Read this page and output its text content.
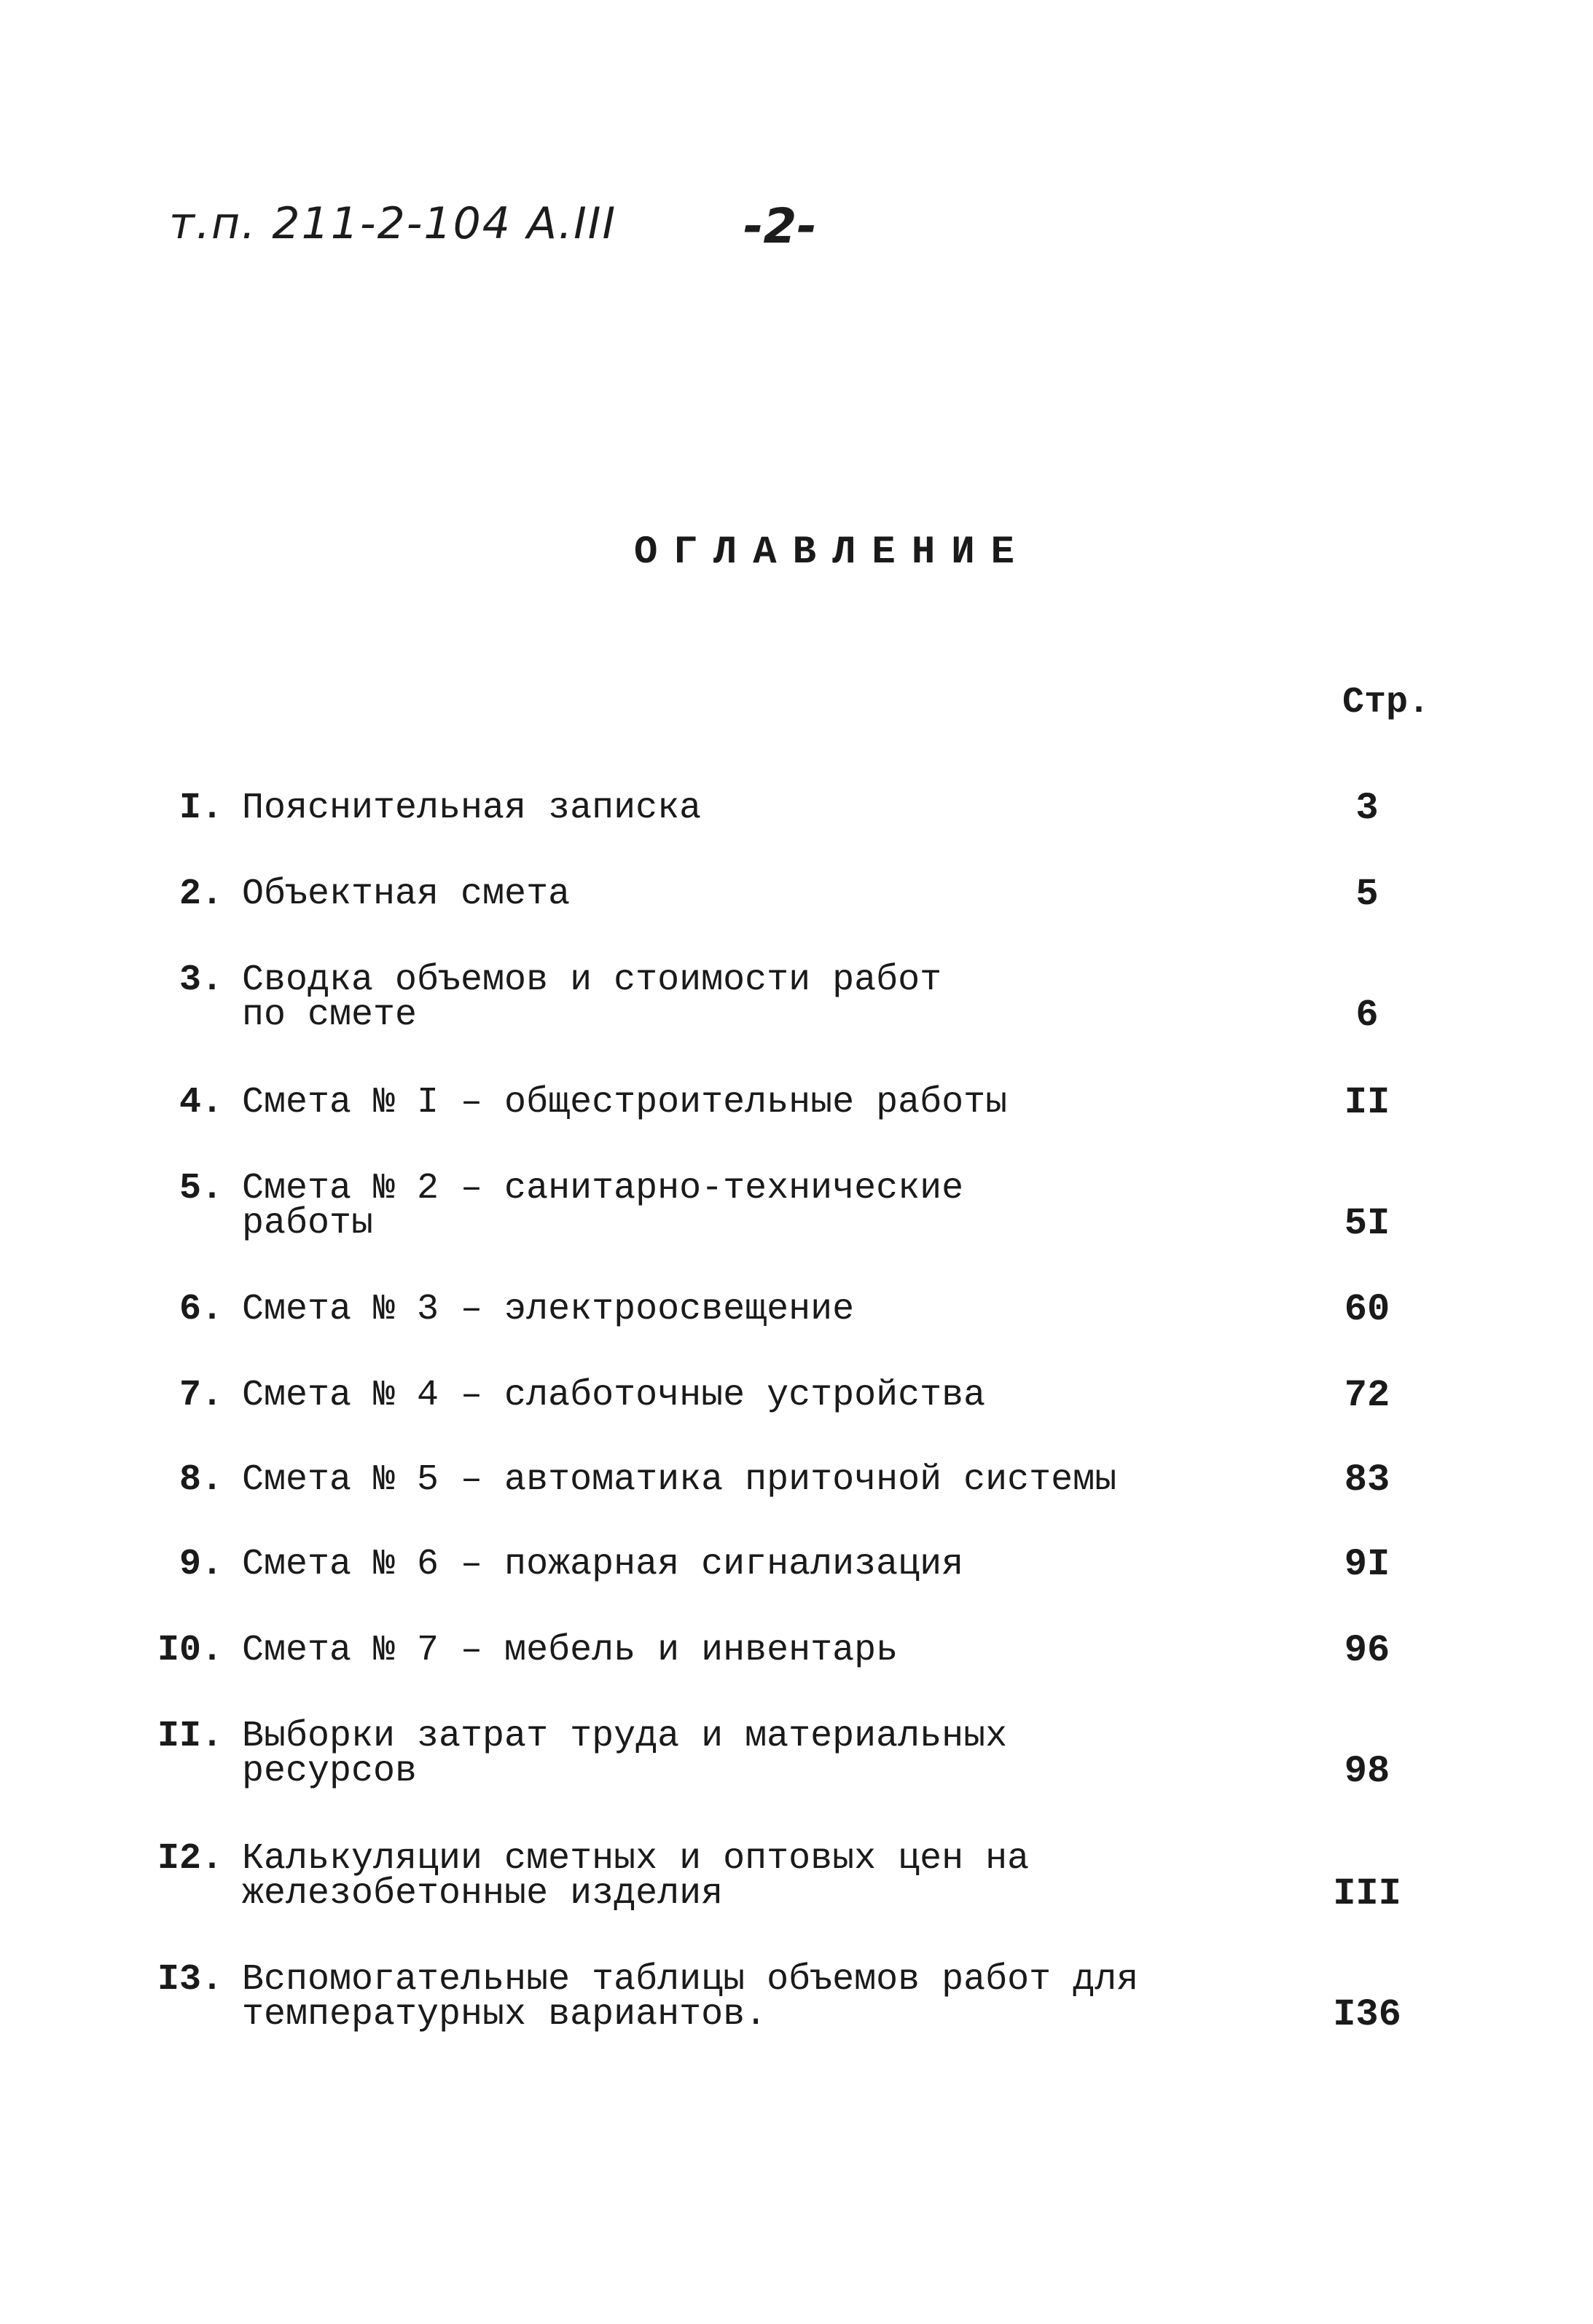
т.п. 211-2-104 А.III	-2-
ОГЛАВЛЕНИЕ
Стр.
I. Пояснительная записка	3
2. Объектная смета	5
3. Сводка объемов и стоимости работ
по смете	6
4. Смета № I – общестроительные работы	II
5. Смета № 2 – санитарно-технические
работы	5I
6. Смета № 3 – электроосвещение	60
7. Смета № 4 – слаботочные устройства	72
8. Смета № 5 – автоматика приточной системы	83
9. Смета № 6 – пожарная сигнализация	9I
I0. Смета № 7 – мебель и инвентарь	96
II. Выборки затрат труда и материальных
ресурсов	98
I2. Калькуляции сметных и оптовых цен на
железобетонные изделия	III
I3. Вспомогательные таблицы объемов работ для
температурных вариантов.	I36
